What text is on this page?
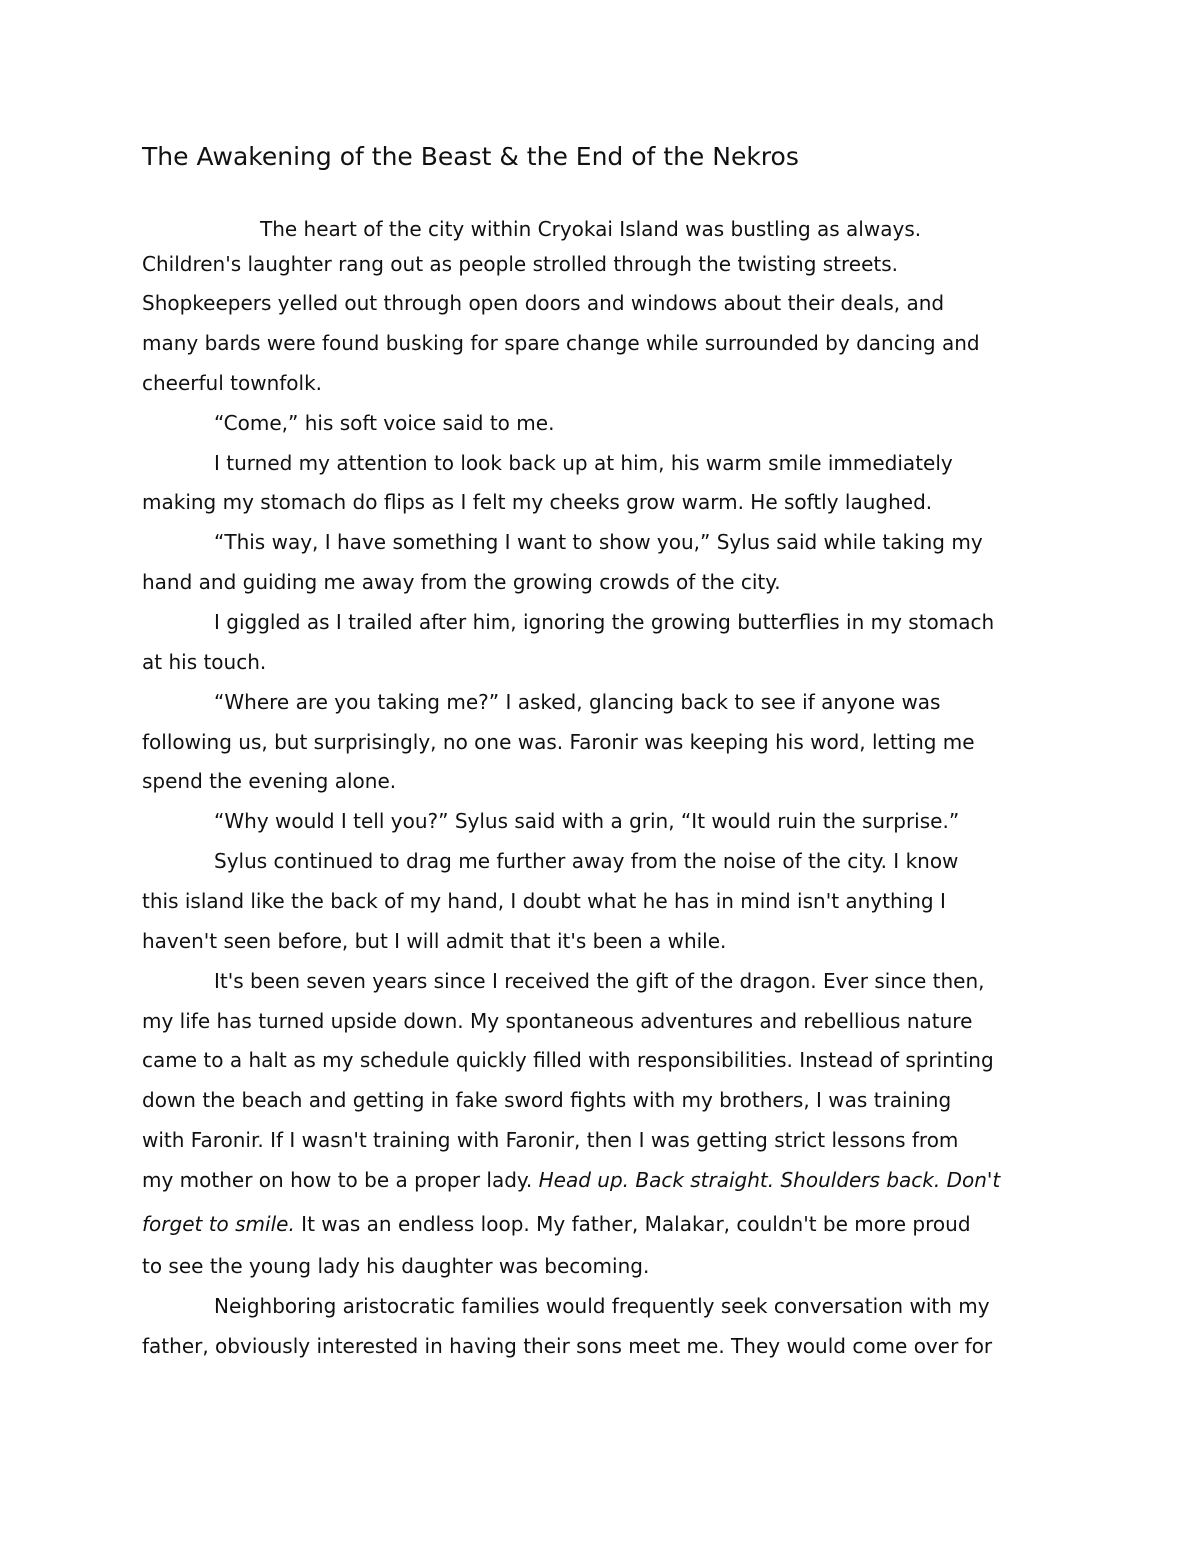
The Awakening of the Beast & the End of the Nekros

The heart of the city within Cryokai Island was bustling as always.

Children's laughter rang out as people strolled through the twisting streets.

Shopkeepers yelled out through open doors and windows about their deals, and

many bards were found busking for spare change while surrounded by dancing and

cheerful townfolk.

“Come,” his soft voice said to me.

I turned my attention to look back up at him, his warm smile immediately

making my stomach do flips as I felt my cheeks grow warm. He softly laughed.

“This way, I have something I want to show you,” Sylus said while taking my

hand and guiding me away from the growing crowds of the city.

I giggled as I trailed after him, ignoring the growing butterflies in my stomach

at his touch.

“Where are you taking me?” I asked, glancing back to see if anyone was

following us, but surprisingly, no one was. Faronir was keeping his word, letting me

spend the evening alone.

“Why would I tell you?” Sylus said with a grin, “It would ruin the surprise.”

Sylus continued to drag me further away from the noise of the city. I know

this island like the back of my hand, I doubt what he has in mind isn't anything I

haven't seen before, but I will admit that it's been a while.

It's been seven years since I received the gift of the dragon. Ever since then,

my life has turned upside down. My spontaneous adventures and rebellious nature

came to a halt as my schedule quickly filled with responsibilities. Instead of sprinting

down the beach and getting in fake sword fights with my brothers, I was training

with Faronir. If I wasn't training with Faronir, then I was getting strict lessons from

my mother on how to be a proper lady. Head up. Back straight. Shoulders back. Don't

forget to smile. It was an endless loop. My father, Malakar, couldn't be more proud

to see the young lady his daughter was becoming.

Neighboring aristocratic families would frequently seek conversation with my

father, obviously interested in having their sons meet me. They would come over for
